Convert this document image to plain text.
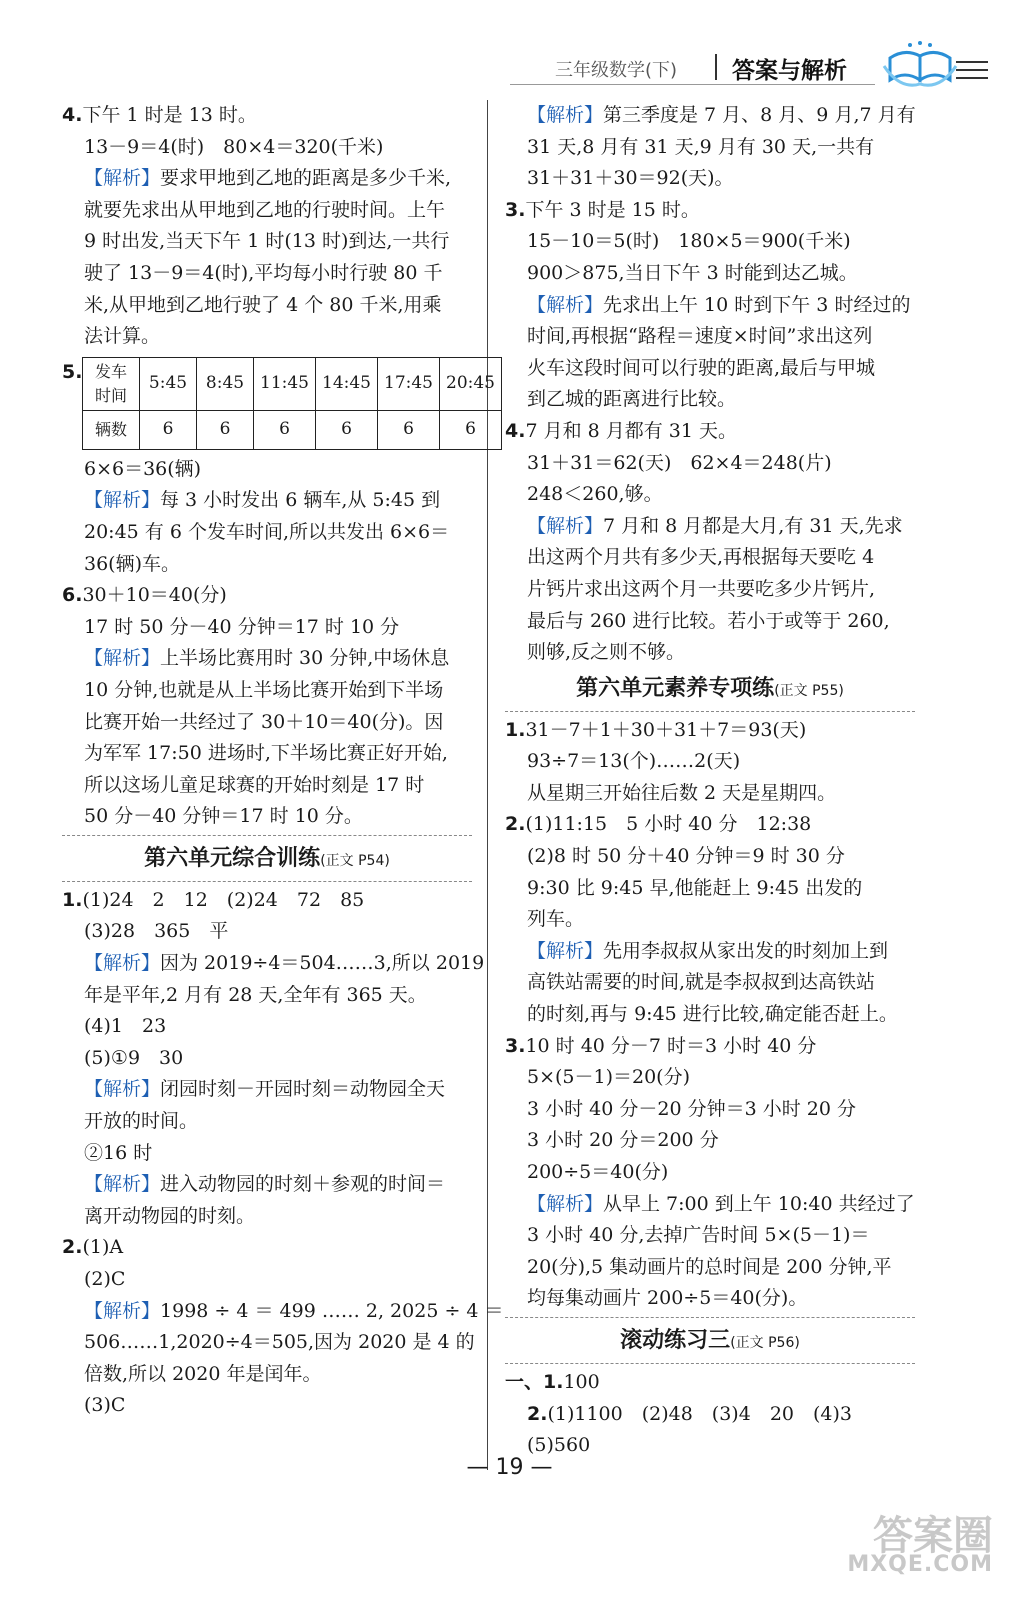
三年级数学(下) 答案与解析
4.下午 1 时是 13 时。
13－9＝4(时)　80×4＝320(千米)
【解析】要求甲地到乙地的距离是多少千米,
就要先求出从甲地到乙地的行驶时间。上午
9 时出发,当天下午 1 时(13 时)到达,一共行
驶了 13－9＝4(时),平均每小时行驶 80 千
米,从甲地到乙地行驶了 4 个 80 千米,用乘
法计算。
5. 发车时间	5:45	8:45	11:45	14:45	17:45	20:45
辆数	6	6	6	6	6	6
6×6＝36(辆)
【解析】每 3 小时发出 6 辆车,从 5:45 到
20:45 有 6 个发车时间,所以共发出 6×6＝
36(辆)车。
6.30＋10＝40(分)
17 时 50 分－40 分钟＝17 时 10 分
【解析】上半场比赛用时 30 分钟,中场休息
10 分钟,也就是从上半场比赛开始到下半场
比赛开始一共经过了 30＋10＝40(分)。因
为军军 17:50 进场时,下半场比赛正好开始,
所以这场儿童足球赛的开始时刻是 17 时
50 分－40 分钟＝17 时 10 分。
第六单元综合训练(正文 P54)
1.(1)24　2　12　(2)24　72　85
(3)28　365　平
【解析】因为 2019÷4＝504……3,所以 2019
年是平年,2 月有 28 天,全年有 365 天。
(4)1　23
(5)①9　30
【解析】闭园时刻－开园时刻＝动物园全天
开放的时间。
②16 时
【解析】进入动物园的时刻＋参观的时间＝
离开动物园的时刻。
2.(1)A
(2)C
【解析】1998 ÷ 4 ＝ 499 …… 2, 2025 ÷ 4 ＝
506……1,2020÷4＝505,因为 2020 是 4 的
倍数,所以 2020 年是闰年。
(3)C
【解析】第三季度是 7 月、8 月、9 月,7 月有
31 天,8 月有 31 天,9 月有 30 天,一共有
31＋31＋30＝92(天)。
3.下午 3 时是 15 时。
15－10＝5(时)　180×5＝900(千米)
900＞875,当日下午 3 时能到达乙城。
【解析】先求出上午 10 时到下午 3 时经过的
时间,再根据“路程＝速度×时间”求出这列
火车这段时间可以行驶的距离,最后与甲城
到乙城的距离进行比较。
4.7 月和 8 月都有 31 天。
31＋31＝62(天)　62×4＝248(片)
248＜260,够。
【解析】7 月和 8 月都是大月,有 31 天,先求
出这两个月共有多少天,再根据每天要吃 4
片钙片求出这两个月一共要吃多少片钙片,
最后与 260 进行比较。若小于或等于 260,
则够,反之则不够。
第六单元素养专项练(正文 P55)
1.31－7＋1＋30＋31＋7＝93(天)
93÷7＝13(个)……2(天)
从星期三开始往后数 2 天是星期四。
2.(1)11:15　5 小时 40 分　12:38
(2)8 时 50 分＋40 分钟＝9 时 30 分
9:30 比 9:45 早,他能赶上 9:45 出发的
列车。
【解析】先用李叔叔从家出发的时刻加上到
高铁站需要的时间,就是李叔叔到达高铁站
的时刻,再与 9:45 进行比较,确定能否赶上。
3.10 时 40 分－7 时＝3 小时 40 分
5×(5－1)＝20(分)
3 小时 40 分－20 分钟＝3 小时 20 分
3 小时 20 分＝200 分
200÷5＝40(分)
【解析】从早上 7:00 到上午 10:40 共经过了
3 小时 40 分,去掉广告时间 5×(5－1)＝
20(分),5 集动画片的总时间是 200 分钟,平
均每集动画片 200÷5＝40(分)。
滚动练习三(正文 P56)
一、1.100
2.(1)1100　(2)48　(3)4　20　(4)3
(5)560
— 19 —
答案圈
MXQE.COM
